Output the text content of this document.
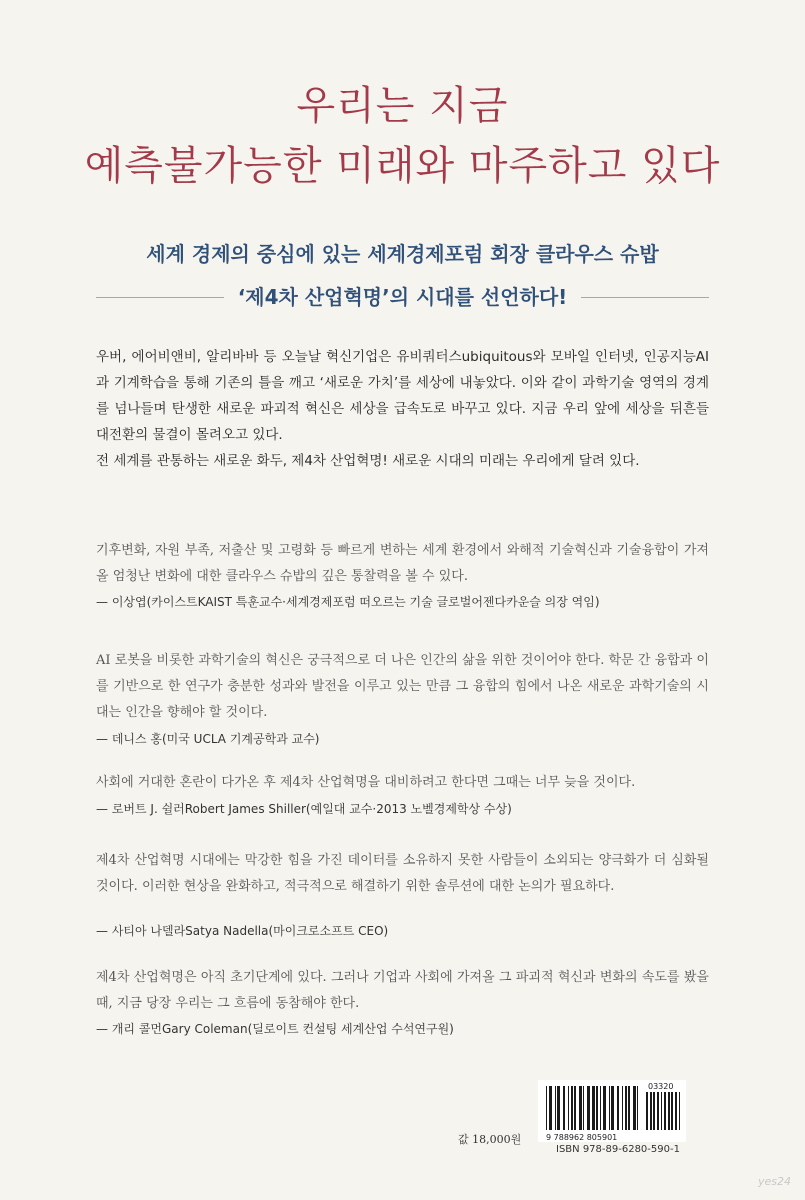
우리는 지금
예측불가능한 미래와 마주하고 있다

세계 경제의 중심에 있는 세계경제포럼 회장 클라우스 슈밥

‘제4차 산업혁명’의 시대를 선언하다!

우버, 에어비앤비, 알리바바 등 오늘날 혁신기업은 유비쿼터스ubiquitous와 모바일 인터넷, 인공지능AI과 기계학습을 통해 기존의 틀을 깨고 ‘새로운 가치’를 세상에 내놓았다. 이와 같이 과학기술 영역의 경계를 넘나들며 탄생한 새로운 파괴적 혁신은 세상을 급속도로 바꾸고 있다. 지금 우리 앞에 세상을 뒤흔들 대전환의 물결이 몰려오고 있다.

전 세계를 관통하는 새로운 화두, 제4차 산업혁명! 새로운 시대의 미래는 우리에게 달려 있다.

기후변화, 자원 부족, 저출산 및 고령화 등 빠르게 변하는 세계 환경에서 와해적 기술혁신과 기술융합이 가져올 엄청난 변화에 대한 클라우스 슈밥의 깊은 통찰력을 볼 수 있다.

— 이상엽(카이스트KAIST 특훈교수·세계경제포럼 떠오르는 기술 글로벌어젠다카운슬 의장 역임)

AI 로봇을 비롯한 과학기술의 혁신은 궁극적으로 더 나은 인간의 삶을 위한 것이어야 한다. 학문 간 융합과 이를 기반으로 한 연구가 충분한 성과와 발전을 이루고 있는 만큼 그 융합의 힘에서 나온 새로운 과학기술의 시대는 인간을 향해야 할 것이다.

— 데니스 홍(미국 UCLA 기계공학과 교수)

사회에 거대한 혼란이 다가온 후 제4차 산업혁명을 대비하려고 한다면 그때는 너무 늦을 것이다.

— 로버트 J. 쉴러Robert James Shiller(예일대 교수·2013 노벨경제학상 수상)

제4차 산업혁명 시대에는 막강한 힘을 가진 데이터를 소유하지 못한 사람들이 소외되는 양극화가 더 심화될 것이다. 이러한 현상을 완화하고, 적극적으로 해결하기 위한 솔루션에 대한 논의가 필요하다.

— 사티아 나델라Satya Nadella(마이크로소프트 CEO)

제4차 산업혁명은 아직 초기단계에 있다. 그러나 기업과 사회에 가져올 그 파괴적 혁신과 변화의 속도를 봤을 때, 지금 당장 우리는 그 흐름에 동참해야 한다.

— 개리 콜먼Gary Coleman(딜로이트 컨설팅 세계산업 수석연구원)

9 788962 805901
03320
값 18,000원
ISBN 978-89-6280-590-1
yes24
